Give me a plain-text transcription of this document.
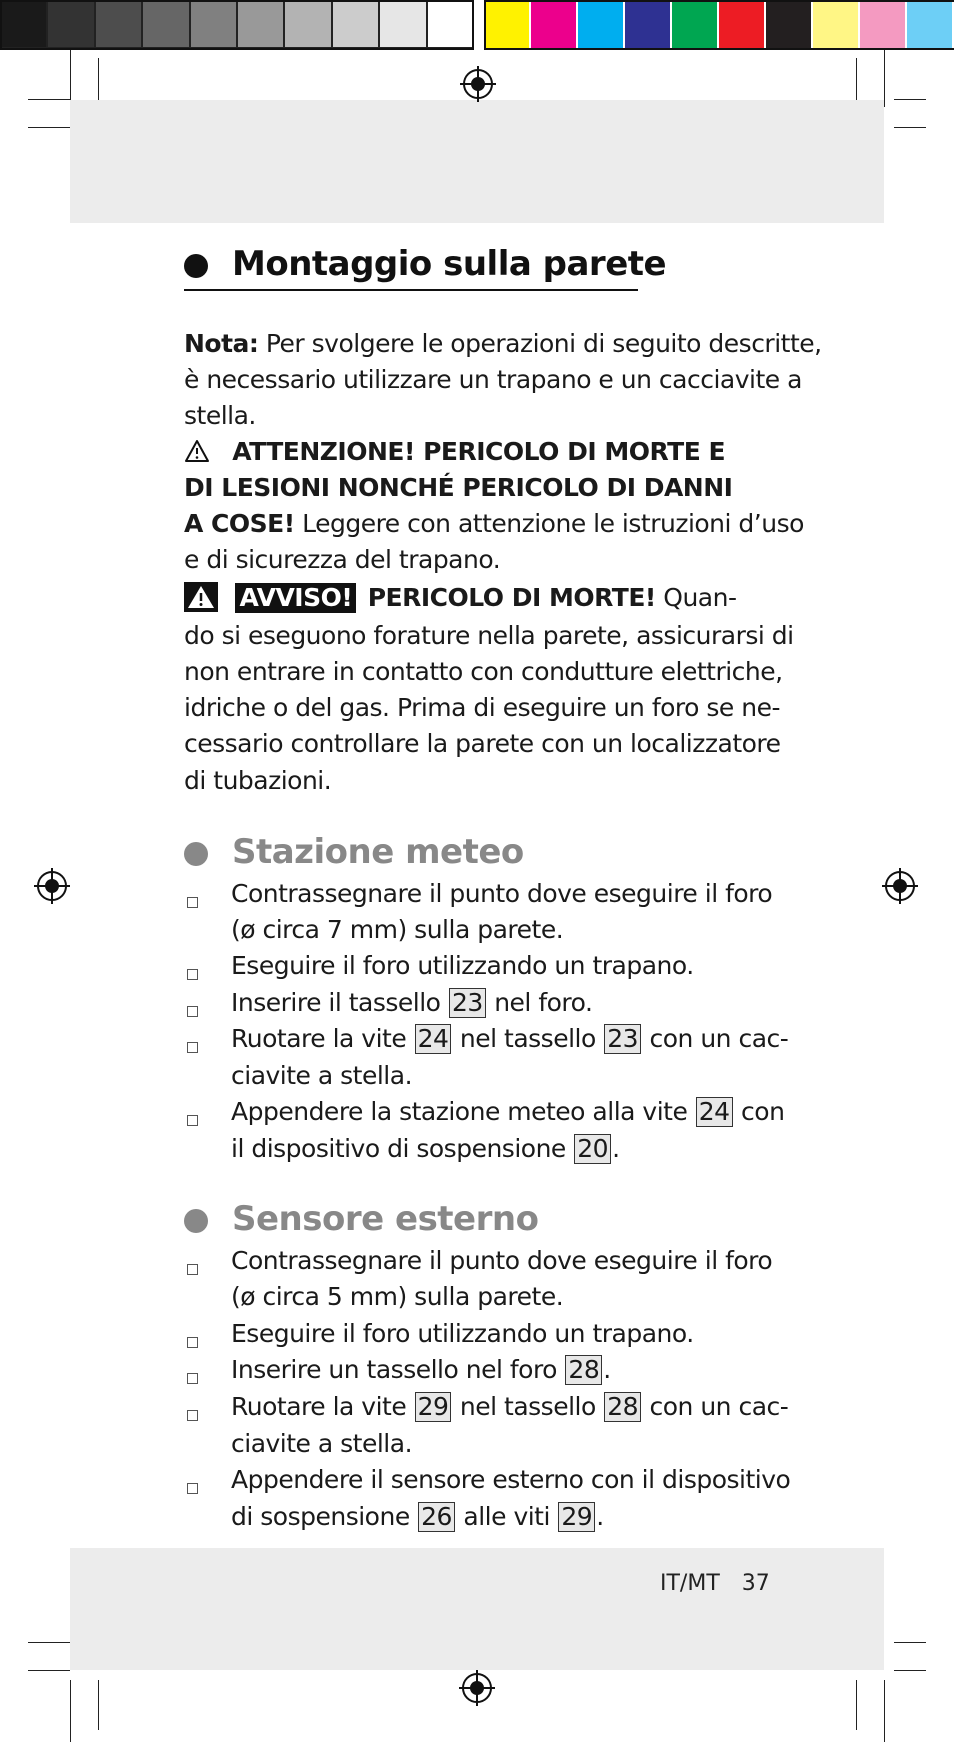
Montaggio sulla parete
Nota: Per svolgere le operazioni di seguito descritte,
è necessario utilizzare un trapano e un cacciavite a
stella.
ATTENZIONE! PERICOLO DI MORTE E
DI LESIONI NONCHÉ PERICOLO DI DANNI
A COSE! Leggere con attenzione le istruzioni d’uso
e di sicurezza del trapano.
AVVISO! PERICOLO DI MORTE! Quan-
do si eseguono forature nella parete, assicurarsi di
non entrare in contatto con condutture elettriche,
idriche o del gas. Prima di eseguire un foro se ne-
cessario controllare la parete con un localizzatore
di tubazioni.
Stazione meteo
Contrassegnare il punto dove eseguire il foro
(ø circa 7 mm) sulla parete.
Eseguire il foro utilizzando un trapano.
Inserire il tassello 23 nel foro.
Ruotare la vite 24 nel tassello 23 con un cac-
ciavite a stella.
Appendere la stazione meteo alla vite 24 con
il dispositivo di sospensione 20 .
Sensore esterno
Contrassegnare il punto dove eseguire il foro
(ø circa 5 mm) sulla parete.
Eseguire il foro utilizzando un trapano.
Inserire un tassello nel foro 28 .
Ruotare la vite 29 nel tassello 28 con un cac-
ciavite a stella.
Appendere il sensore esterno con il dispositivo
di sospensione 26 alle viti 29 .
IT/MT 37
